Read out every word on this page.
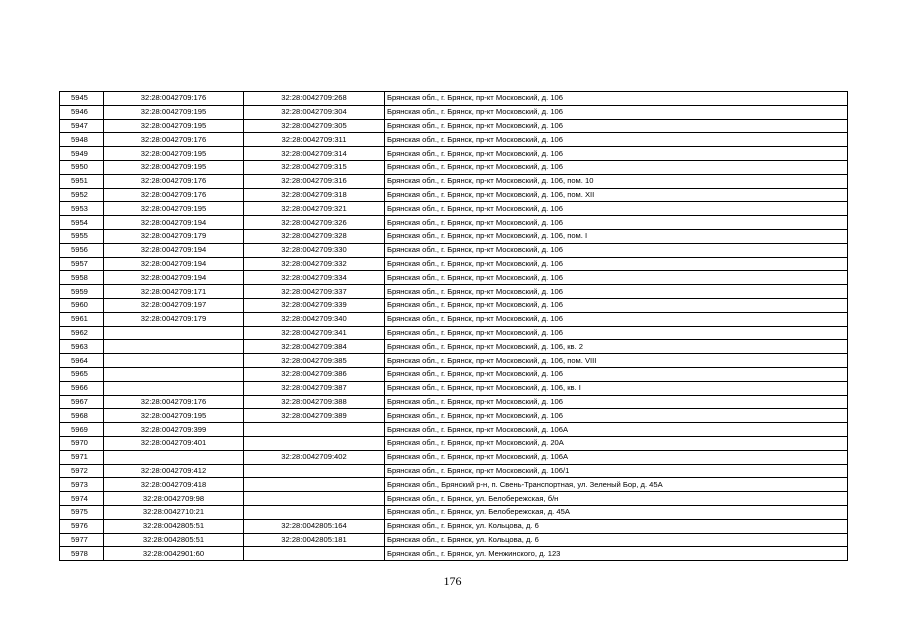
5945	32:28:0042709:176	32:28:0042709:268	Брянская обл., г. Брянск, пр-кт Московский, д. 106
5946	32:28:0042709:195	32:28:0042709:304	Брянская обл., г. Брянск, пр-кт Московский, д. 106
5947	32:28:0042709:195	32:28:0042709:305	Брянская обл., г. Брянск, пр-кт Московский, д. 106
5948	32:28:0042709:176	32:28:0042709:311	Брянская обл., г. Брянск, пр-кт Московский, д. 106
5949	32:28:0042709:195	32:28:0042709:314	Брянская обл., г. Брянск, пр-кт Московский, д. 106
5950	32:28:0042709:195	32:28:0042709:315	Брянская обл., г. Брянск, пр-кт Московский, д. 106
5951	32:28:0042709:176	32:28:0042709:316	Брянская обл., г. Брянск, пр-кт Московский, д. 106, пом. 10
5952	32:28:0042709:176	32:28:0042709:318	Брянская обл., г. Брянск, пр-кт Московский, д. 106, пом. XII
5953	32:28:0042709:195	32:28:0042709:321	Брянская обл., г. Брянск, пр-кт Московский, д. 106
5954	32:28:0042709:194	32:28:0042709:326	Брянская обл., г. Брянск, пр-кт Московский, д. 106
5955	32:28:0042709:179	32:28:0042709:328	Брянская обл., г. Брянск, пр-кт Московский, д. 106, пом. I
5956	32:28:0042709:194	32:28:0042709:330	Брянская обл., г. Брянск, пр-кт Московский, д. 106
5957	32:28:0042709:194	32:28:0042709:332	Брянская обл., г. Брянск, пр-кт Московский, д. 106
5958	32:28:0042709:194	32:28:0042709:334	Брянская обл., г. Брянск, пр-кт Московский, д. 106
5959	32:28:0042709:171	32:28:0042709:337	Брянская обл., г. Брянск, пр-кт Московский, д. 106
5960	32:28:0042709:197	32:28:0042709:339	Брянская обл., г. Брянск, пр-кт Московский, д. 106
5961	32:28:0042709:179	32:28:0042709:340	Брянская обл., г. Брянск, пр-кт Московский, д. 106
5962		32:28:0042709:341	Брянская обл., г. Брянск, пр-кт Московский, д. 106
5963		32:28:0042709:384	Брянская обл., г. Брянск, пр-кт Московский, д. 106, кв. 2
5964		32:28:0042709:385	Брянская обл., г. Брянск, пр-кт Московский, д. 106, пом. VIII
5965		32:28:0042709:386	Брянская обл., г. Брянск, пр-кт Московский, д. 106
5966		32:28:0042709:387	Брянская обл., г. Брянск, пр-кт Московский, д. 106, кв. I
5967	32:28:0042709:176	32:28:0042709:388	Брянская обл., г. Брянск, пр-кт Московский, д. 106
5968	32:28:0042709:195	32:28:0042709:389	Брянская обл., г. Брянск, пр-кт Московский, д. 106
5969	32:28:0042709:399		Брянская обл., г. Брянск, пр-кт Московский, д. 106А
5970	32:28:0042709:401		Брянская обл., г. Брянск, пр-кт Московский, д. 20А
5971		32:28:0042709:402	Брянская обл., г. Брянск, пр-кт Московский, д. 106А
5972	32:28:0042709:412		Брянская обл., г. Брянск, пр-кт Московский, д. 106/1
5973	32:28:0042709:418		Брянская обл., Брянский р-н, п. Свень-Транспортная, ул. Зеленый Бор, д. 45А
5974	32:28:0042709:98		Брянская обл., г. Брянск, ул. Белобережская, б/н
5975	32:28:0042710:21		Брянская обл., г. Брянск, ул. Белобережская, д. 45А
5976	32:28:0042805:51	32:28:0042805:164	Брянская обл., г. Брянск, ул. Кольцова, д. 6
5977	32:28:0042805:51	32:28:0042805:181	Брянская обл., г. Брянск, ул. Кольцова, д. 6
5978	32:28:0042901:60		Брянская обл., г. Брянск, ул. Менжинского, д. 123
176
